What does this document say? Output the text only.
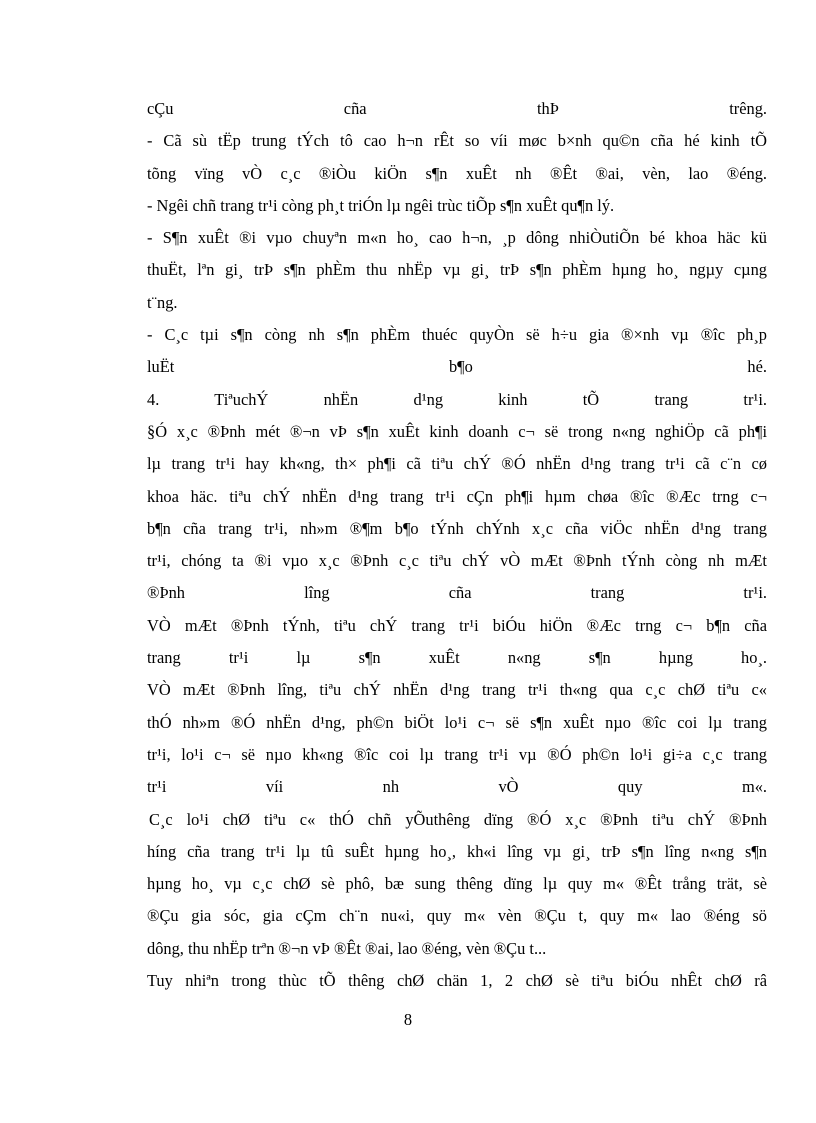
cÇu cña thÞ trêng.
- Cã sù tËp trung tÝch tô cao h¬n rÊt so víi møc b×nh qu©n cña hé kinh tÕ
tõng vïng vÒ c¸c ®iÒu kiÖn s¶n xuÊt nh ®Êt ®ai, vèn, lao ®éng.
- Ngêi chñ trang tr¹i còng ph¸t triÓn lµ ngêi trùc tiÕp s¶n xuÊt qu¶n lý.
- S¶n xuÊt ®i vµo chuyªn m«n ho¸ cao h¬n, ¸p dông nhiÒutiÕn bé khoa häc kü
thuËt, lªn gi¸ trÞ s¶n phÈm thu nhËp vµ gi¸ trÞ s¶n phÈm hµng ho¸ ngµy cµng
t¨ng.
- C¸c tµi s¶n còng nh s¶n phÈm thuéc quyÒn së h÷u gia ®×nh vµ ®îc ph¸p
luËt b¶o hé.
4. TiªuchÝ nhËn d¹ng kinh tÕ trang tr¹i.
§Ó x¸c ®Þnh mét ®¬n vÞ s¶n xuÊt kinh doanh c¬ së trong n«ng nghiÖp cã ph¶i
lµ trang tr¹i hay kh«ng, th× ph¶i cã tiªu chÝ ®Ó nhËn d¹ng trang tr¹i cã c¨n cø
khoa häc. tiªu chÝ nhËn d¹ng trang tr¹i cÇn ph¶i hµm chøa ®îc ®Æc trng c¬
b¶n cña trang tr¹i, nh»m ®¶m b¶o tÝnh chÝnh x¸c cña viÖc nhËn d¹ng trang
tr¹i, chóng ta ®i vµo x¸c ®Þnh c¸c tiªu chÝ vÒ mÆt ®Þnh tÝnh còng nh mÆt
®Þnh lîng cña trang tr¹i.
VÒ mÆt ®Þnh tÝnh, tiªu chÝ trang tr¹i biÓu hiÖn ®Æc trng c¬ b¶n cña
trang tr¹i lµ s¶n xuÊt n«ng s¶n hµng ho¸.
VÒ mÆt ®Þnh lîng, tiªu chÝ nhËn d¹ng trang tr¹i th«ng qua c¸c chØ tiªu c«
thÓ nh»m ®Ó nhËn d¹ng, ph©n biÖt lo¹i c¬ së s¶n xuÊt nµo ®îc coi lµ trang
tr¹i, lo¹i c¬ së nµo kh«ng ®îc coi lµ trang tr¹i vµ ®Ó ph©n lo¹i gi÷a c¸c trang
tr¹i víi nh vÒ quy m«.
C¸c lo¹i chØ tiªu c« thÓ chñ yÕuthêng dïng ®Ó x¸c ®Þnh tiªu chÝ ®Þnh
híng cña trang tr¹i lµ tû suÊt hµng ho¸, kh«i lîng vµ gi¸ trÞ s¶n lîng n«ng s¶n
hµng ho¸ vµ c¸c chØ sè phô, bæ sung thêng dïng lµ quy m« ®Êt trång trät, sè
®Çu gia sóc, gia cÇm ch¨n nu«i, quy m« vèn ®Çu t, quy m« lao ®éng sö
dông, thu nhËp trªn ®¬n vÞ ®Êt ®ai, lao ®éng, vèn ®Çu t...
Tuy nhiªn trong thùc tÕ thêng chØ chän 1, 2 chØ sè tiªu biÓu nhÊt chØ râ
8
